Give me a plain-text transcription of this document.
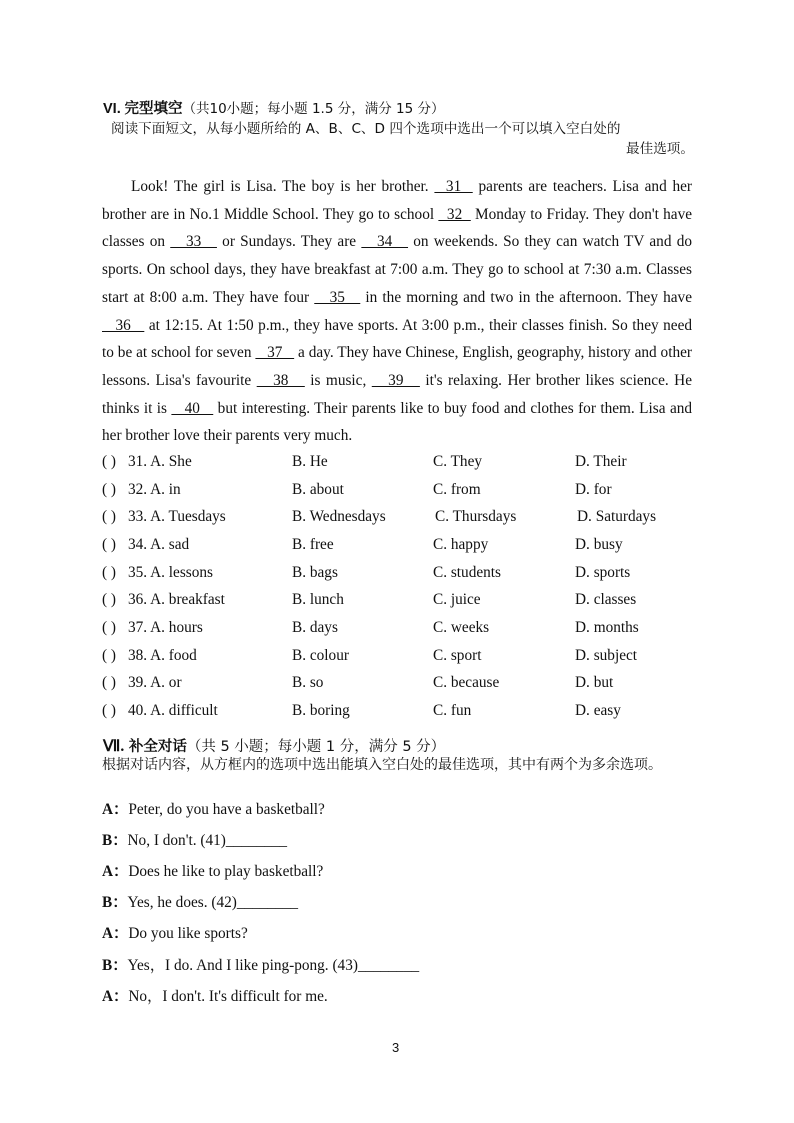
VI. 完型填空（共10小题；每小题 1.5 分，满分 15 分）
阅读下面短文，从每小题所给的 A、B、C、D 四个选项中选出一个可以填入空白处的
最佳选项。

Look! The girl is Lisa. The boy is her brother.   31   parents are teachers. Lisa and her brother are in No.1 Middle School. They go to school   32   Monday to Friday. They don't have classes on    33    or Sundays. They are    34    on weekends. So they can watch TV and do sports. On school days, they have breakfast at 7:00 a.m. They go to school at 7:30 a.m. Classes start at 8:00 a.m. They have four    35    in the morning and two in the afternoon. They have    36    at 12:15. At 1:50 p.m., they have sports. At 3:00 p.m., their classes finish. So they need to be at school for seven    37    a day. They have Chinese, English, geography, history and other lessons. Lisa's favourite    38    is music,    39    it's relaxing. Her brother likes science. He thinks it is    40    but interesting. Their parents like to buy food and clothes for them. Lisa and her brother love their parents very much.

( ) 31. A. She	B. He	C. They	D. Their
( ) 32. A. in	B. about	C. from	D. for
( ) 33. A. Tuesdays	B. Wednesdays	C. Thursdays	D. Saturdays
( ) 34. A. sad	B. free	C. happy	D. busy
( ) 35. A. lessons	B. bags	C. students	D. sports
( ) 36. A. breakfast	B. lunch	C. juice	D. classes
( ) 37. A. hours	B. days	C. weeks	D. months
( ) 38. A. food	B. colour	C. sport	D. subject
( ) 39. A. or	B. so	C. because	D. but
( ) 40. A. difficult	B. boring	C. fun	D. easy
Ⅶ. 补全对话（共 5 小题；每小题 1 分，满分 5 分）
根据对话内容，从方框内的选项中选出能填入空白处的最佳选项，其中有两个为多余选项。
A：Peter, do you have a basketball?
B：No, I don't. (41)________
A：Does he like to play basketball?
B：Yes, he does. (42)________
A：Do you like sports?
B：Yes，I do. And I like ping-pong. (43)________
A：No，I don't. It's difficult for me.
3
